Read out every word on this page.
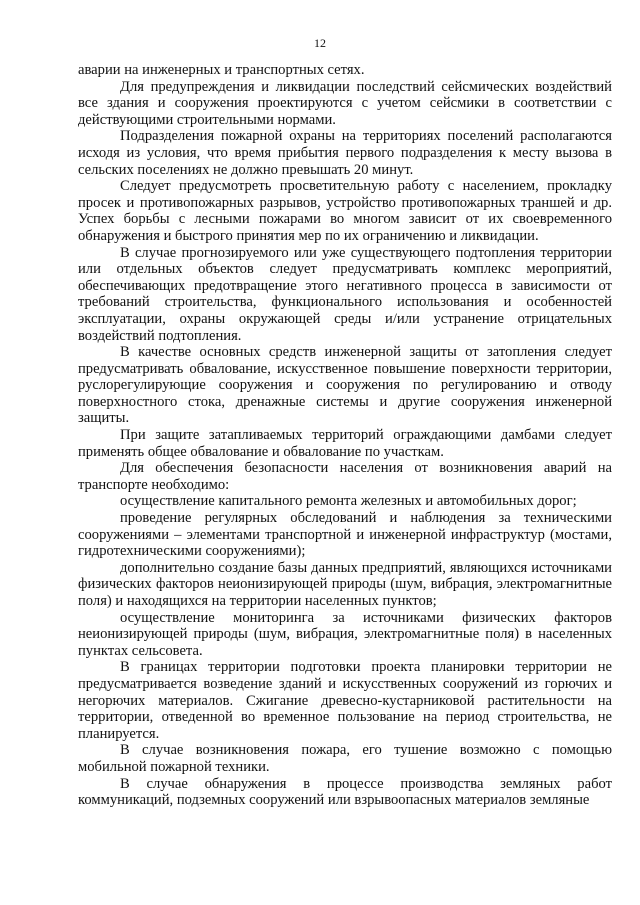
12

аварии на инженерных и транспортных сетях.

Для предупреждения и ликвидации последствий сейсмических воздействий все здания и сооружения проектируются с учетом сейсмики в соответствии с действующими строительными нормами.

Подразделения пожарной охраны на территориях поселений располагаются исходя из условия, что время прибытия первого подразделения к месту вызова в сельских поселениях не должно превышать 20 минут.

Следует предусмотреть просветительную работу с населением, прокладку просек и противопожарных разрывов, устройство противопожарных траншей и др. Успех борьбы с лесными пожарами во многом зависит от их своевременного обнаружения и быстрого принятия мер по их ограничению и ликвидации.

В случае прогнозируемого или уже существующего подтопления территории или отдельных объектов следует предусматривать комплекс мероприятий, обеспечивающих предотвращение этого негативного процесса в зависимости от требований строительства, функционального использования и особенностей эксплуатации, охраны окружающей среды и/или устранение отрицательных воздействий подтопления.

В качестве основных средств инженерной защиты от затопления следует предусматривать обвалование, искусственное повышение поверхности территории, руслорегулирующие сооружения и сооружения по регулированию и отводу поверхностного стока, дренажные системы и другие сооружения инженерной защиты.

При защите затапливаемых территорий ограждающими дамбами следует применять общее обвалование и обвалование по участкам.

Для обеспечения безопасности населения от возникновения аварий на транспорте необходимо:

осуществление капитального ремонта железных и автомобильных дорог;

проведение регулярных обследований и наблюдения за техническими сооружениями – элементами транспортной и инженерной инфраструктур (мостами, гидротехническими сооружениями);

дополнительно создание базы данных предприятий, являющихся источниками физических факторов неионизирующей природы (шум, вибрация, электромагнитные поля) и находящихся на территории населенных пунктов;

осуществление мониторинга за источниками физических факторов неионизирующей природы (шум, вибрация, электромагнитные поля) в населенных пунктах сельсовета.

В границах территории подготовки проекта планировки территории не предусматривается возведение зданий и искусственных сооружений из горючих и негорючих материалов. Сжигание древесно-кустарниковой растительности на территории, отведенной во временное пользование на период строительства, не планируется.

В случае возникновения пожара, его тушение возможно с помощью мобильной пожарной техники.

В случае обнаружения в процессе производства земляных работ коммуникаций, подземных сооружений или взрывоопасных материалов земляные
